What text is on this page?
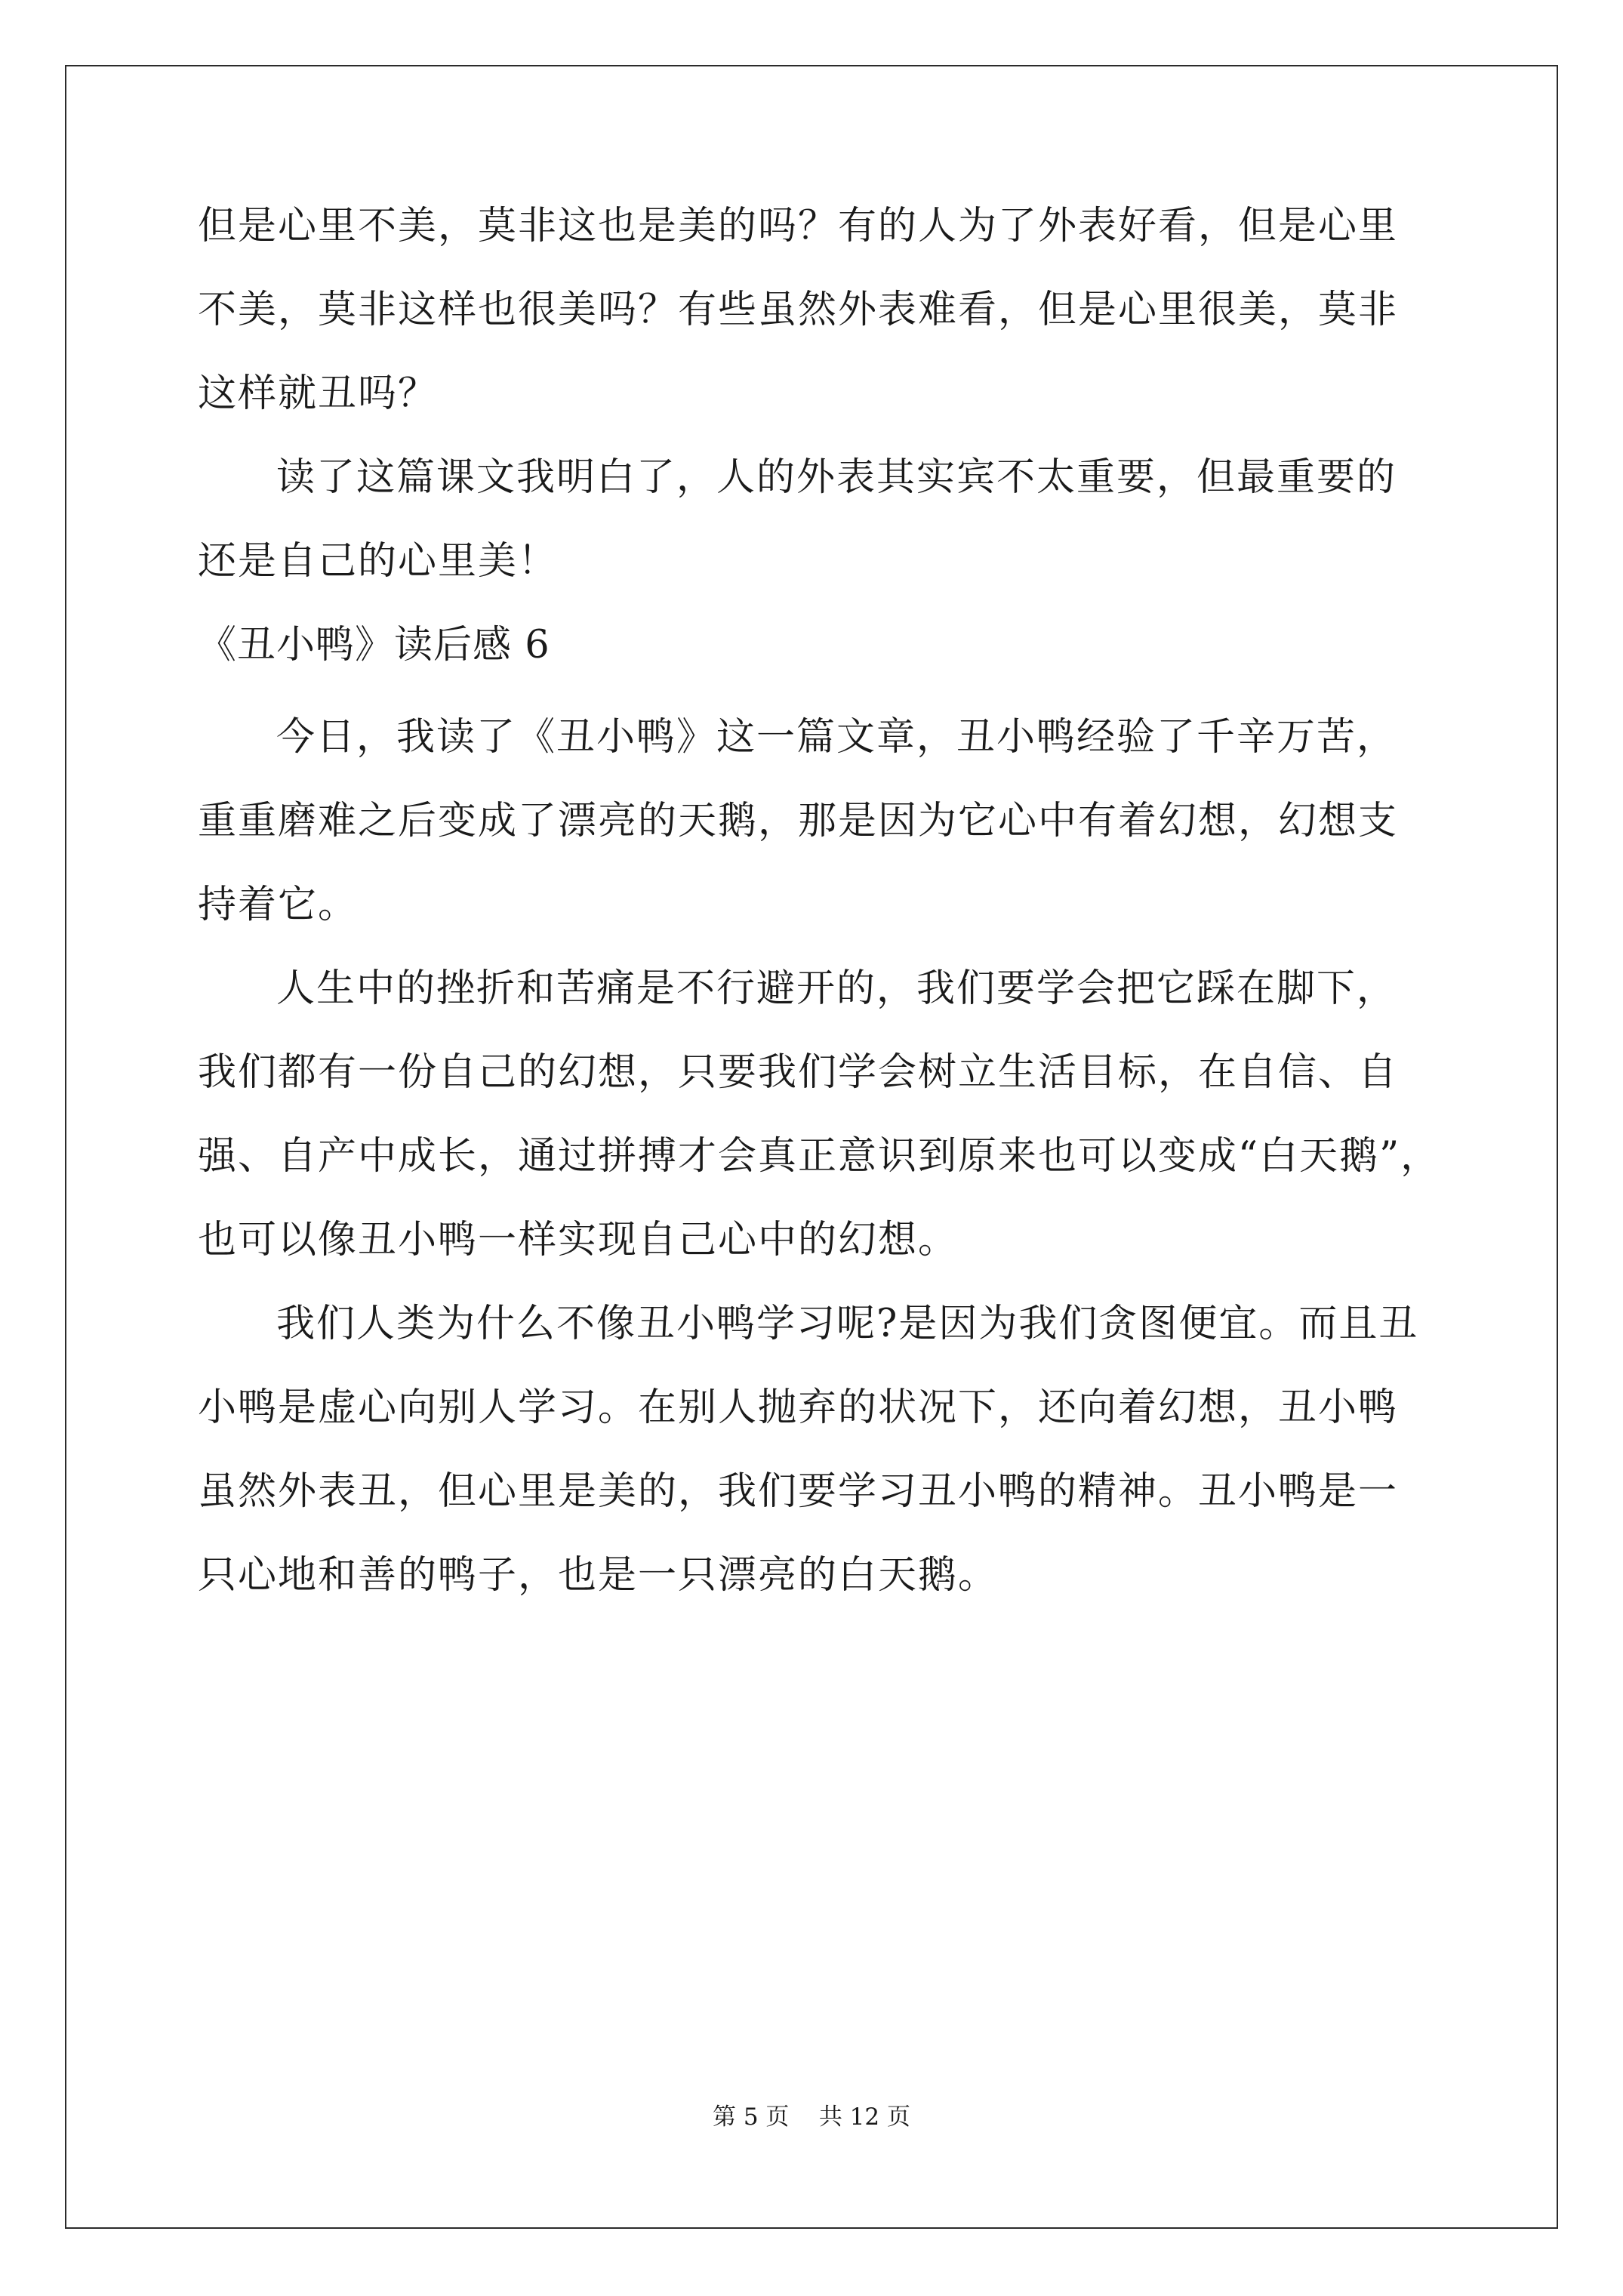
但是心里不美，莫非这也是美的吗？有的人为了外表好看，但是心里
不美，莫非这样也很美吗？有些虽然外表难看，但是心里很美，莫非
这样就丑吗？
读了这篇课文我明白了，人的外表其实宾不太重要，但最重要的
还是自己的心里美！
《丑小鸭》读后感 6
今日，我读了《丑小鸭》这一篇文章，丑小鸭经验了千辛万苦，
重重磨难之后变成了漂亮的天鹅，那是因为它心中有着幻想，幻想支
持着它。
人生中的挫折和苦痛是不行避开的，我们要学会把它踩在脚下，
我们都有一份自己的幻想，只要我们学会树立生活目标，在自信、自
强、自产中成长，通过拼搏才会真正意识到原来也可以变成“白天鹅”，
也可以像丑小鸭一样实现自己心中的幻想。
我们人类为什么不像丑小鸭学习呢?是因为我们贪图便宜。而且丑
小鸭是虚心向别人学习。在别人抛弃的状况下，还向着幻想，丑小鸭
虽然外表丑，但心里是美的，我们要学习丑小鸭的精神。丑小鸭是一
只心地和善的鸭子，也是一只漂亮的白天鹅。
第 5 页    共 12 页
